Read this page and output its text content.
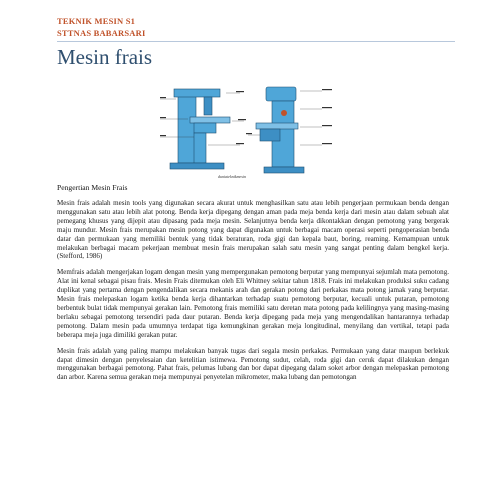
TEKNIK MESIN S1
STTNAS BABARSARI
Mesin frais
duniateknikmesin
Pengertian Mesin Frais

Mesin frais adalah mesin tools yang digunakan secara akurat untuk menghasilkan satu atau lebih pengerjaan permukaan benda dengan menggunakan satu atau lebih alat potong. Benda kerja dipegang dengan aman pada meja benda kerja dari mesin atau dalam sebuah alat pemegang khusus yang dijepit atau dipasang pada meja mesin. Selanjutnya benda kerja dikontakkan dengan pemotong yang bergerak maju mundur. Mesin frais merupakan mesin potong yang dapat digunakan untuk berbagai macam operasi seperti pengoperasian benda datar dan permukaan yang memiliki bentuk yang tidak beraturan, roda gigi dan kepala baut, boring, reaming. Kemampuan untuk melakukan berbagai macam pekerjaan membuat mesin frais merupakan salah satu mesin yang sangat penting dalam bengkel kerja. (Stefford, 1986)

Memfrais adalah mengerjakan logam dengan mesin yang mempergunakan pemotong berputar yang mempunyai sejumlah mata pemotong. Alat ini kenal sebagai pisau frais. Mesin Frais ditemukan oleh Eli Whitney sekitar tahun 1818. Frais ini melakukan produksi suku cadang duplikat yang pertama dengan pengendalikan secara mekanis arah dan gerakan potong dari perkakas mata potong jamak yang berputar. Mesin frais melepaskan logam ketika benda kerja dihantarkan terhadap suatu pemotong berputar, kecuali untuk putaran, pemotong berbentuk bulat tidak mempunyai gerakan lain. Pemotong frais memiliki satu deretan mata potong pada kelilingnya yang masing-masing berlaku sebagai pemotong tersendiri pada daur putaran. Benda kerja dipegang pada meja yang mengendalikan hantarannya terhadap pemotong. Dalam mesin pada umumnya terdapat tiga kemungkinan gerakan meja longitudinal, menyilang dan vertikal, tetapi pada beberapa meja juga dimiliki gerakan putar.

Mesin frais adalah yang paling mampu melakukan banyak tugas dari segala mesin perkakas. Permukaan yang datar maupun berlekuk dapat dimesin dengan penyelesaian dan ketelitian istimewa. Pemotong sudut, celah, roda gigi dan ceruk dapat dilakukan dengan menggunakan berbagai pemotong. Pahat frais, pelumas lubang dan bor dapat dipegang dalam soket arbor dengan melepaskan pemotong dan arbor. Karena semua gerakan meja mempunyai penyetelan mikrometer, maka lubang dan pemotongan
